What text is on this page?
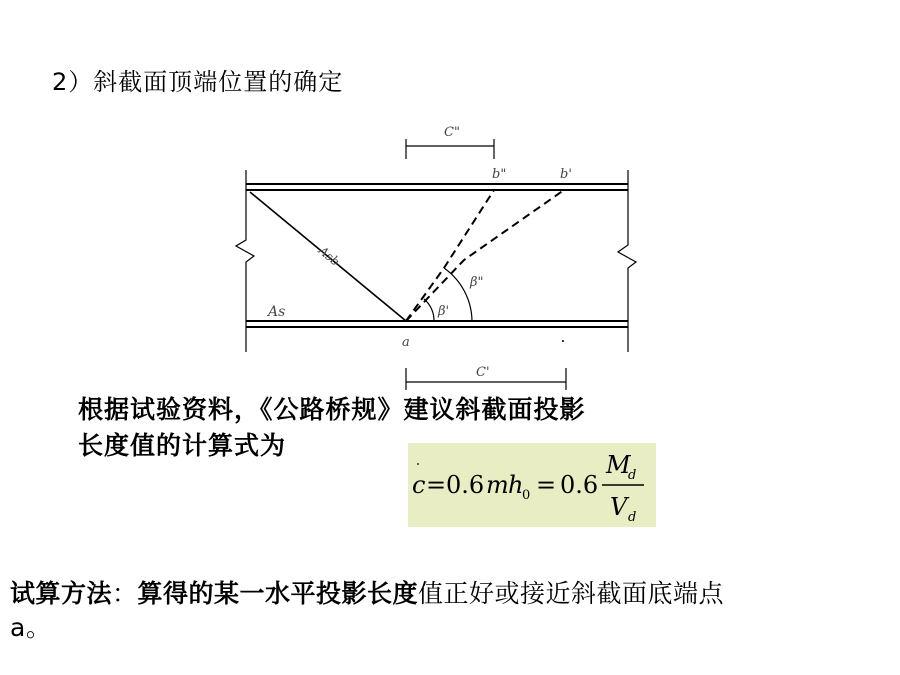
2）斜截面顶端位置的确定
C"
b"	b'
Asb
β"
β'
As
a
C'
根据试验资料，《公路桥规》建议斜截面投影
长度值的计算式为
c = 0.6 m h
0 = 0.6
M
d
V d
试算方法：算得的某一水平投影长度值正好或接近斜截面底端点
a。
